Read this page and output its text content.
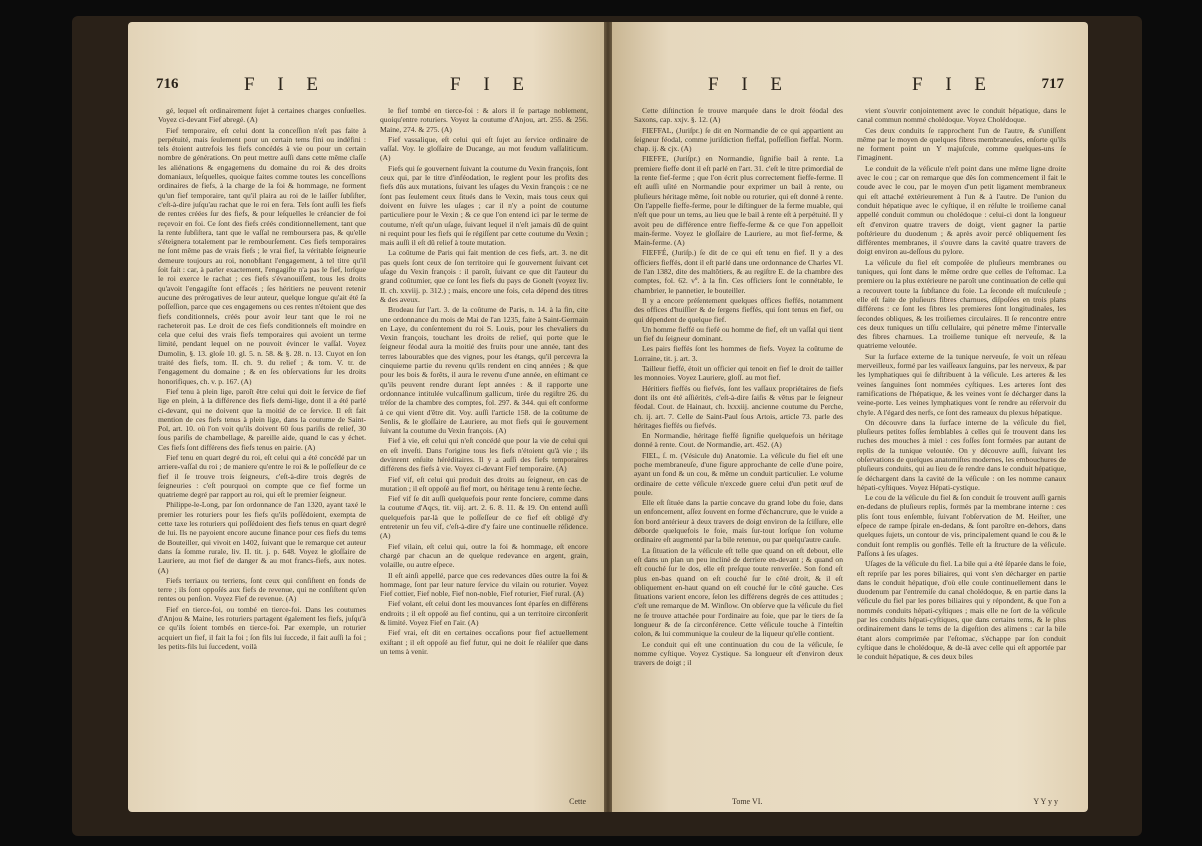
716	F I E	F I E

gé, lequel eſt ordinairement ſujet à certaines charges conſuelles. Voyez ci-devant Fief abregé. (A)

Fief temporaire, eſt celui dont la conceſſion n'eſt pas faite à perpétuité, mais ſeulement pour un certain tems fini ou indéfini : tels étoient autrefois les fiefs concédés à vie ou pour un certain nombre de générations. On peut mettre auſſi dans cette même claſſe les aliénations & engagemens du domaine du roi & des droits domaniaux, leſquelles, quoique faites comme toutes les conceſſions ordinaires de fiefs, à la charge de la foi & hommage, ne forment qu'un fief temporaire, tant qu'il plaira au roi de le laiſſer ſubſiſter, c'eſt-à-dire juſqu'au rachat que le roi en fera. Tels ſont auſſi les fiefs de rentes créées ſur des fiefs, & pour leſquelles le créancier de foi reçevoir en foi. Ce ſont des fiefs créés conditionnellement, tant que la rente ſubſiſtera, tant que le vaſſal ne remboursera pas, & qu'elle s'éteignera totalement par le rembourſement. Ces fiefs temporaires ne ſont même pas de vrais fiefs ; le vrai fief, la véritable ſeigneurie demeure toujours au roi, nonobſtant l'engagement, à tel titre qu'il ſoit fait : car, à parler exactement, l'engagiſte n'a pas le fief, lorſque le roi exerce le rachat ; ces fiefs s'évanouiſſent, tous les droits qu'avoit l'engagiſte ſont effacés ; ſes héritiers ne peuvent retenir aucune des prérogatives de leur auteur, quelque longue qu'ait été ſa poſſeſſion, parce que ces engagemens ou ces rentes n'étoient que des fiefs conditionnels, créés pour avoir leur tant que le roi ne racheteroit pas. Le droit de ces fiefs conditionnels eſt moindre en cela que celui des vrais fiefs temporaires qui avoient un terme limité, pendant lequel on ne pouvoit évincer le vaſſal. Voyez Dumolin, §. 13. gloſe 10. gl. 5. n. 58. & §. 28. n. 13. Cuyot en ſon traité des fiefs, tom. II. ch. 9. du relief ; & tom. V. tr. de l'engagement du domaine ; & en ſes obſervations ſur les droits honorifiques, ch. v. p. 167. (A)

Fief tenu à plein lige, paroît être celui qui doit le ſervice de fief lige en plein, à la différence des fiefs demi-lige, dont il a été parlé ci-devant, qui ne doivent que la moitié de ce ſervice. Il eſt fait mention de ces fiefs tenus à plein lige, dans la coutume de Saint-Pol, art. 10. où l'on voit qu'ils doivent 60 ſous pariſis de relief, 30 ſous pariſis de chambellage, & pareille aide, quand le cas y échet. Ces fiefs ſont différens des fiefs tenus en pairie. (A)

Fief tenu en quart degré du roi, eſt celui qui a été concédé par un arriere-vaſſal du roi ; de maniere qu'entre le roi & le poſſeſſeur de ce fief il ſe trouve trois ſeigneurs, c'eſt-à-dire trois degrés de ſeigneuries : c'eſt pourquoi on compte que ce fief forme un quatrieme degré par rapport au roi, qui eſt le premier ſeigneur.

Philippe-le-Long, par ſon ordonnance de l'an 1320, ayant taxé le premier les roturiers pour les fiefs qu'ils poſſédoient, exempta de cette taxe les roturiers qui poſſédoient des fiefs tenus en quart degré de lui. Ils ne payoient encore aucune finance pour ces fiefs du tems de Bouteiller, qui vivoit en 1402, ſuivant que le remarque cet auteur dans ſa ſomme rurale, liv. II. tit. j. p. 648. Voyez le gloſſaire de Lauriere, au mot fief de danger & au mot francs-fiefs, aux notes. (A)

Fiefs terriaux ou terriens, ſont ceux qui conſiſtent en fonds de terre ; ils ſont oppoſés aux fiefs de revenue, qui ne conſiſtent qu'en rentes ou penſion. Voyez Fief de revenue. (A)

Fief en tierce-foi, ou tombé en tierce-foi. Dans les coutumes d'Anjou & Maine, les roturiers partagent également les fiefs, juſqu'à ce qu'ils ſoient tombés en tierce-foi. Par exemple, un roturier acquiert un fief, il fait la foi ; ſon fils lui ſuccede, il fait auſſi la foi ; les petits-fils lui ſuccedent, voilà

le fief tombé en tierce-foi : & alors il ſe partage noblement, quoiqu'entre roturiers. Voyez la coutume d'Anjou, art. 255. & 256. Maine, 274. & 275. (A)

Fief vassalique, eſt celui qui eſt ſujet au ſervice ordinaire de vaſſal. Voy. le gloſſaire de Ducange, au mot feudum vaſſaliticum. (A)

Fiefs qui ſe gouvernent ſuivant la coutume du Vexin françois, ſont ceux qui, par le titre d'inféodation, le reglent pour les profits des fiefs dûs aux mutations, ſuivant les uſages du Vexin françois : ce ne ſont pas ſeulement ceux ſitués dans le Vexin, mais tous ceux qui doivent en ſuivre les uſages ; car il n'y a point de coutume particuliere pour le Vexin ; & ce que l'on entend ici par le terme de coutume, n'eſt qu'un uſage, ſuivant lequel il n'eſt jamais dû de quint ni requint pour les fiefs qui ſe régiſſent par cette coutume du Vexin ; mais auſſi il eſt dû relief à toute mutation.

La coûtume de Paris qui fait mention de ces fiefs, art. 3. ne dit pas quels ſont ceux de ſon territoire qui ſe gouvernent ſuivant cet uſage du Vexin françois : il paroît, ſuivant ce que dit l'auteur du grand coûtumier, que ce ſont les fiefs du pays de Gonelt (voyez liv. II. ch. xxviij. p. 312.) ; mais, encore une fois, cela dépend des titres & des aveux.

Brodeau ſur l'art. 3. de la coûtume de Paris, n. 14. à la fin, cite une ordonnance du mois de Mai de l'an 1235, faite à Saint-Germain en Laye, du conſentement du roi S. Louis, pour les chevaliers du Vexin françois, touchant les droits de relief, qui porte que le ſeigneur féodal aura la moitié des fruits pour une année, tant des terres labourables que des vignes, pour les étangs, qu'il percevra la cinquieme partie du revenu qu'ils rendent en cinq années ; & que pour les bois & forêts, il aura le revenu d'une année, en eſtimant ce qu'ils peuvent rendre durant ſept années : & il rapporte une ordonnance intitulée vulcaſſinum gallicum, tirée du regiſtre 26. du tréſor de la chambre des comptes, fol. 297. & 344. qui eſt conforme à ce qui vient d'être dit. Voy. auſſi l'article 158. de la coûtume de Senlis, & le gloſſaire de Lauriere, au mot fiefs qui ſe gouvernent ſuivant la coutume du Vexin françois. (A)

Fief à vie, eſt celui qui n'eſt concédé que pour la vie de celui qui en eſt inveſti. Dans l'origine tous les fiefs n'étoient qu'à vie ; ils devinrent enſuite héréditaires. Il y a auſſi des fiefs temporaires différens des fiefs à vie. Voyez ci-devant Fief temporaire. (A)

Fief vif, eſt celui qui produit des droits au ſeigneur, en cas de mutation ; il eſt oppoſé au fief mort, ou héritage tenu à rente ſeche.

Fief vif ſe dit auſſi quelquefois pour rente fonciere, comme dans la coutume d'Aqcs, tit. viij. art. 2. 6. 8. 11. & 19. On entend auſſi quelquefois par-là que le poſſeſſeur de ce fief eſt obligé d'y entretenir un feu vif, c'eſt-à-dire d'y faire une continuelle réſidence. (A)

Fief vilain, eſt celui qui, outre la foi & hommage, eſt encore chargé par chacun an de quelque redevance en argent, grain, volaille, ou autre eſpece.

Il eſt ainſi appellé, parce que ces redevances dûes outre la foi & hommage, ſont par leur nature ſervice du vilain ou roturier. Voyez Fief cottier, Fief noble, Fief non-noble, Fief roturier, Fief rural. (A)

Fief volant, eſt celui dont les mouvances ſont éparſes en différens endroits ; il eſt oppoſé au fief continu, qui a un territoire circonſerit & limité. Voyez Fief en l'air. (A)

Fief vrai, eſt dit en certaines occaſions pour fief actuellement exiſtant ; il eſt oppoſé au fief futur, qui ne doit ſe réaliſer que dans un tems à venir.

Cette
F I E	F I E	717

Cette diſtinction ſe trouve marquée dans le droit féodal des Saxons, cap. xxjv. §. 12. (A)

FIEFFAL, (Juriſpr.) ſe dit en Normandie de ce qui appartient au ſeigneur féodal, comme juriſdiction fieffal, poſſeſſion fieffal. Norm. chap. ij. & cjx. (A)

FIEFFE, (Juriſpr.) en Normandie, ſignifie bail à rente. La premiere fieffe dont il eſt parlé en l'art. 31. c'eſt le titre primordial de la rente fief-ferme ; que l'on écrit plus correctement fieffe-ferme. Il eſt auſſi uſité en Normandie pour exprimer un bail à rente, ou pluſieurs héritage même, ſoit noble ou roturier, qui eſt donné à rente. On l'appelle fieffe-ferme, pour le diſtinguer de la ferme muable, qui n'eſt que pour un tems, au lieu que le bail à rente eſt à perpétuité. Il y avoit peu de différence entre fieffe-ferme & ce que l'on appelloit main-ferme. Voyez le gloſſaire de Lauriere, au mot fief-ferme, & Main-ferme. (A)

FIEFFÉ, (Juriſp.) ſe dit de ce qui eſt tenu en fief. Il y a des officiers fieffés, dont il eſt parlé dans une ordonnance de Charles VI. de l'an 1382, dite des maltôtiers, & au regiſtre E. de la chambre des comptes, fol. 62. vº. à la fin. Ces officiers ſont le connétable, le chambrier, le pannetier, le bouteiller.

Il y a encore préſentement quelques offices fieffés, notamment des offices d'huiſſier & de ſergens fieffés, qui ſont tenus en fief, ou qui dépendent de quelque fief.

Un homme fieffé ou fiefé ou homme de fief, eſt un vaſſal qui tient un fief du ſeigneur dominant.

Les pairs fieffés ſont les hommes de fiefs. Voyez la coûtume de Lorraine, tit. j. art. 3.

Tailleur fieffé, étoit un officier qui tenoit en fief le droit de tailler les monnoies. Voyez Lauriere, gloſſ. au mot fief.

Héritiers fieffés ou fiefvés, ſont les vaſſaux propriétaires de fiefs dont ils ont été aſſiérités, c'eſt-à-dire ſaiſis & vêtus par le ſeigneur féodal. Cout. de Hainaut, ch. lxxxiij. ancienne coutume du Perche, ch. ij. art. 7. Celle de Saint-Paul ſous Artois, article 73. parle des héritages fieffés ou fiefvés.

En Normandie, héritage fieffé ſignifie quelquefois un héritage donné à rente. Cout. de Normandie, art. 452. (A)

FIEL, ſ. m. (Vésicule du) Anatomie. La véſicule du fiel eſt une poche membraneuſe, d'une figure approchante de celle d'une poire, ayant un fond & un cou, & même un conduit particulier. Le volume ordinaire de cette véſicule n'excede guere celui d'un petit œuf de poule.

Elle eſt ſituée dans la partie concave du grand lobe du foie, dans un enfoncement, aſſez ſouvent en forme d'échancrure, que le vuide a ſon bord antérieur à deux travers de doigt environ de la ſciſſure, elle déborde quelquefois le foie, mais ſur-tout lorſque ſon volume ordinaire eſt augmenté par la bile retenue, ou par quelqu'autre cauſe.

La ſituation de la véſicule eſt telle que quand on eſt debout, elle eſt dans un plan un peu incliné de derriere en-devant ; & quand on eſt couché ſur le dos, elle eſt preſque toute renverſée. Son fond eſt plus en-bas quand on eſt couché ſur le côté droit, & il eſt obliquement en-haut quand on eſt couché ſur le côté gauche. Ces ſituations varient encore, ſelon les différens degrés de ces attitudes ; c'eſt une remarque de M. Winſlow. On obſerve que la véſicule du fiel ne ſe trouve attachée pour l'ordinaire au foie, que par le tiers de ſa longueur & de ſa circonférence. Cette véſicule touche à l'inteſtin colon, & lui communique la couleur de la liqueur qu'elle contient.

Le conduit qui eſt une continuation du cou de la véſicule, ſe nomme cyſtique. Voyez Cystique. Sa longueur eſt d'environ deux travers de doigt ; il

vient s'ouvrir conjointement avec le conduit hépatique, dans le canal commun nommé cholédoque. Voyez Cholédoque.

Ces deux conduits ſe rapprochent l'un de l'autre, & s'uniſſent même par le moyen de quelques fibres membraneuſes, enſorte qu'ils ne forment point un Y majuſcule, comme quelques-uns ſe l'imaginent.

Le conduit de la véſicule n'eſt point dans une même ligne droite avec le cou ; car on remarque que dès ſon commencement il fait le coude avec le cou, par le moyen d'un petit ligament membraneux qui eſt attaché extérieurement à l'un & à l'autre. De l'union du conduit hépatique avec le cyſtique, il en réſulte le troiſieme canal appellé conduit commun ou cholédoque : celui-ci dont la longueur eſt d'environ quatre travers de doigt, vient gagner la partie poſtérieure du duodenum ; & après avoir percé obliquement ſes différentes membranes, il s'ouvre dans la cavité quatre travers de doigt environ au-deſſous du pylore.

La véſicule du fiel eſt compoſée de pluſieurs membranes ou tuniques, qui ſont dans le même ordre que celles de l'eſtomac. La premiere ou la plus extérieure ne paroît une continuation de celle qui a recouvert toute la ſubſtance du foie. La ſeconde eſt muſculeuſe ; elle eſt faite de pluſieurs fibres charnues, diſpoſées en trois plans différens : ce ſont les fibres les premieres ſont longitudinales, les ſecondes obliques, & les troiſiemes circulaires. Il ſe rencontre entre ces deux tuniques un tiſſu cellulaire, qui pénetre même l'intervalle des fibres charnues. La troiſieme tunique eſt nerveuſe, & la quatrieme veloutée.

Sur la ſurface externe de la tunique nerveuſe, ſe voit un réſeau merveilleux, formé par les vaiſſeaux ſanguins, par les nerveux, & par les lymphatiques qui ſe diſtribuent à la véſicule. Les arteres & les veines ſanguines ſont nommées cyſtiques. Les arteres ſont des ramifications de l'hépatique, & les veines vont ſe décharger dans la veine-porte. Les veines lymphatiques vont ſe rendre au réſervoir du chyle. A l'égard des nerfs, ce ſont des rameaux du plexus hépatique.

On découvre dans la ſurface interne de la véſicule du fiel, pluſieurs petites foſſes ſemblables à celles qui ſe trouvent dans les ruches des mouches à miel : ces foſſes ſont formées par autant de replis de la tunique veloutée. On y découvre auſſi, ſuivant les obſervations de quelques anatomiſtes modernes, les embouchures de pluſieurs conduits, qui au lieu de ſe rendre dans le conduit hépatique, ſe déchargent dans la cavité de la véſicule : on les nomme canaux hépati-cyſtiques. Voyez Hépati-cystique.

Le cou de la véſicule du fiel & ſon conduit ſe trouvent auſſi garnis en-dedans de pluſieurs replis, formés par la membrane interne : ces plis ſont tous enſemble, ſuivant l'obſervation de M. Heiſter, une eſpece de rampe ſpirale en-dedans, & ſont paroître en-dehors, dans quelques ſujets, un contour de vis, principalement quand le cou & le conduit ſont remplis ou gonflés. Telle eſt la ſtructure de la véſicule. Paſſons à ſes uſages.

Uſages de la véſicule du fiel. La bile qui a été ſéparée dans le foie, eſt repriſe par les pores biliaires, qui vont s'en décharger en partie dans le conduit hépatique, d'où elle coule continuellement dans le duodenum par l'entremiſe du canal cholédoque, & en partie dans la véſicule du fiel par les pores biliaires qui y répondent, & que l'on a nommés conduits hépati-cyſtiques ; mais elle ne ſort de la véſicule par les conduits hépati-cyſtiques, que dans certains tems, & le plus ordinairement dans le tems de la digeſtion des alimens : car la bile étant alors comprimée par l'eſtomac, s'échappe par ſon conduit cyſtique dans le cholédoque, & de-là avec celle qui eſt apportée par le conduit hépatique, & ces deux biles

Tome VI.	Y Y y y
